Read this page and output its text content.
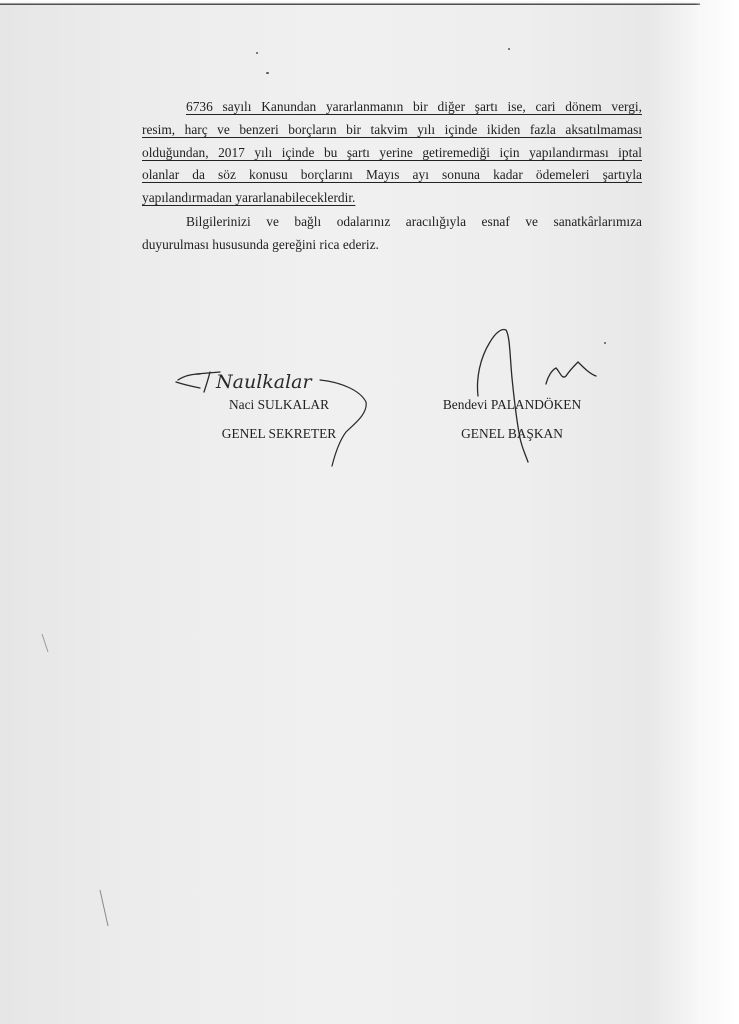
6736 sayılı Kanundan yararlanmanın bir diğer şartı ise, cari dönem vergi,
resim, harç ve benzeri borçların bir takvim yılı içinde ikiden fazla aksatılmaması
olduğundan, 2017 yılı içinde bu şartı yerine getiremediği için yapılandırması iptal
olanlar da söz konusu borçlarını Mayıs ayı sonuna kadar ödemeleri şartıyla
yapılandırmadan yararlanabileceklerdir.
Bilgilerinizi ve bağlı odalarınız aracılığıyla esnaf ve sanatkârlarımıza
duyurulması hususunda gereğini rica ederiz.
Naulkalar
Naci SULKALAR
GENEL SEKRETER
Bendevi PALANDÖKEN
GENEL BAŞKAN
